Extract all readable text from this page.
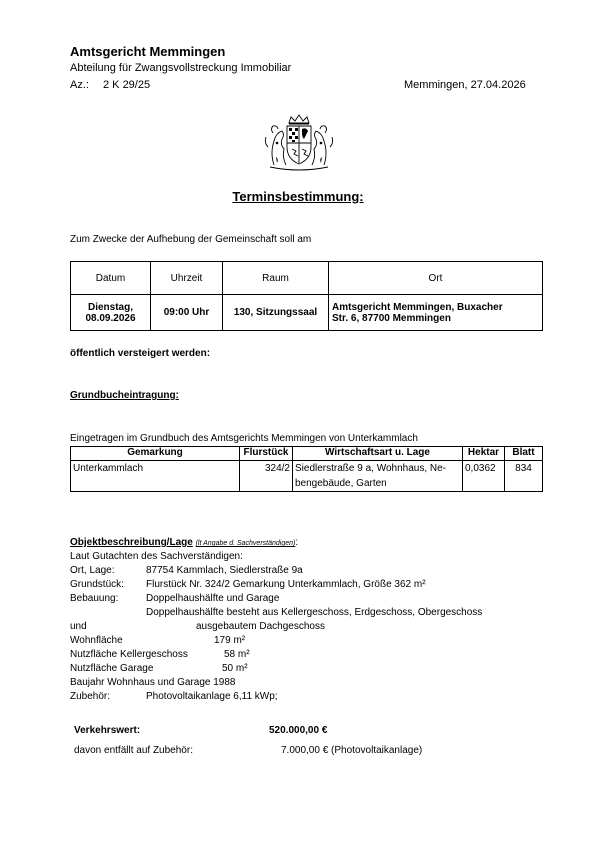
Amtsgericht Memmingen
Abteilung für Zwangsvollstreckung Immobiliar
Az.: 2 K 29/25	Memmingen, 27.04.2026
Terminsbestimmung:
Zum Zwecke der Aufhebung der Gemeinschaft soll am
Datum	Uhrzeit	Raum	Ort
Dienstag,
08.09.2026	09:00 Uhr	130, Sitzungssaal	Amtsgericht Memmingen, Buxacher
Str. 6, 87700 Memmingen
öffentlich versteigert werden:
Grundbucheintragung:
Eingetragen im Grundbuch des Amtsgerichts Memmingen von Unterkammlach
Gemarkung	Flurstück	Wirtschaftsart u. Lage	Hektar	Blatt
Unterkammlach	324/2	Siedlerstraße 9 a, Wohnhaus, Ne-
bengebäude, Garten	0,0362	834
Objektbeschreibung/Lage (lt Angabe d. Sachverständigen):
Laut Gutachten des Sachverständigen:
Ort, Lage:	87754 Kammlach, Siedlerstraße 9a
Grundstück: Flurstück Nr. 324/2 Gemarkung Unterkammlach, Größe 362 m²
Bebauung:	Doppelhaushälfte und Garage
Doppelhaushälfte besteht aus Kellergeschoss, Erdgeschoss, Obergeschoss
und	ausgebautem Dachgeschoss
Wohnfläche	179 m²
Nutzfläche Kellergeschoss	58 m²
Nutzfläche Garage	50 m²
Baujahr Wohnhaus und Garage 1988
Zubehör:	Photovoltaikanlage 6,11 kWp;
Verkehrswert:	520.000,00 €
davon entfällt auf Zubehör:	7.000,00 € (Photovoltaikanlage)
